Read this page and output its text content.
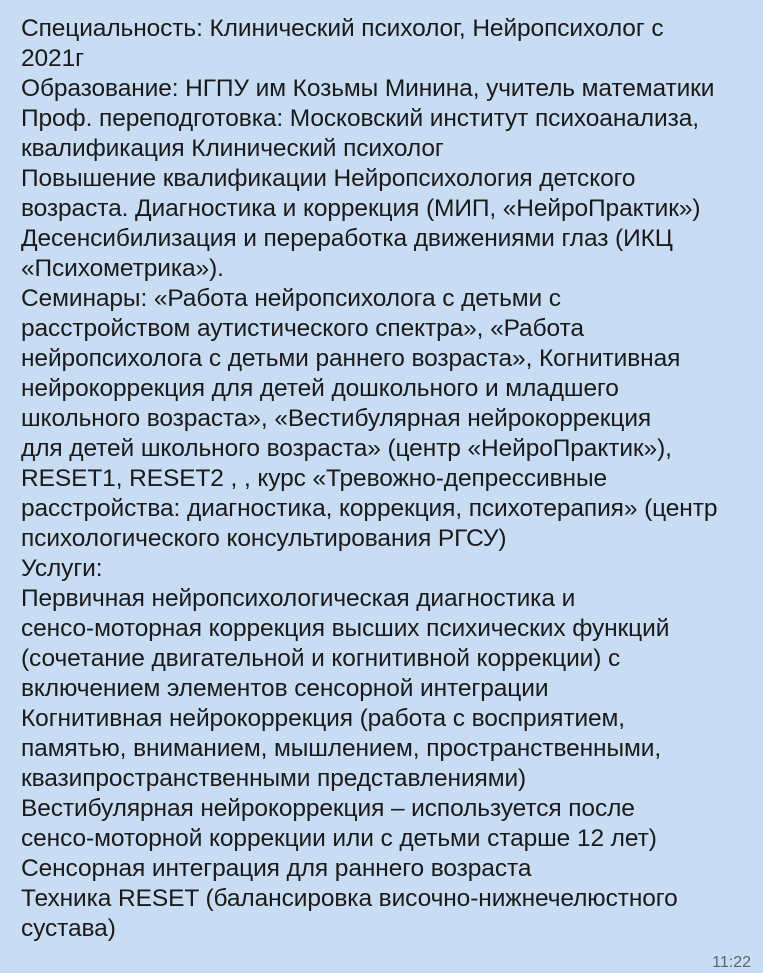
Специальность: Клинический психолог, Нейропсихолог с
2021г
Образование: НГПУ им Козьмы Минина, учитель математики
Проф. переподготовка: Московский институт психоанализа,
квалификация Клинический психолог
Повышение квалификации Нейропсихология детского
возраста. Диагностика и коррекция (МИП, «НейроПрактик»)
Десенсибилизация и переработка движениями глаз (ИКЦ
«Психометрика»).
Семинары: «Работа нейропсихолога с детьми с
расстройством аутистического спектра», «Работа
нейропсихолога с детьми раннего возраста», Когнитивная
нейрокоррекция для детей дошкольного и младшего
школьного возраста», «Вестибулярная нейрокоррекция
для детей школьного возраста» (центр «НейроПрактик»),
RESET1, RESET2 , , курс «Тревожно-депрессивные
расстройства: диагностика, коррекция, психотерапия» (центр
психологического консультирования РГСУ)
Услуги:
Первичная нейропсихологическая диагностика и
сенсо-моторная коррекция высших психических функций
(сочетание двигательной и когнитивной коррекции) с
включением элементов сенсорной интеграции
Когнитивная нейрокоррекция (работа с восприятием,
памятью, вниманием, мышлением, пространственными,
квазипространственными представлениями)
Вестибулярная нейрокоррекция – используется после
сенсо-моторной коррекции или с детьми старше 12 лет)
Сенсорная интеграция для раннего возраста
Техника RESET (балансировка височно-нижнечелюстного
сустава)
11:22
